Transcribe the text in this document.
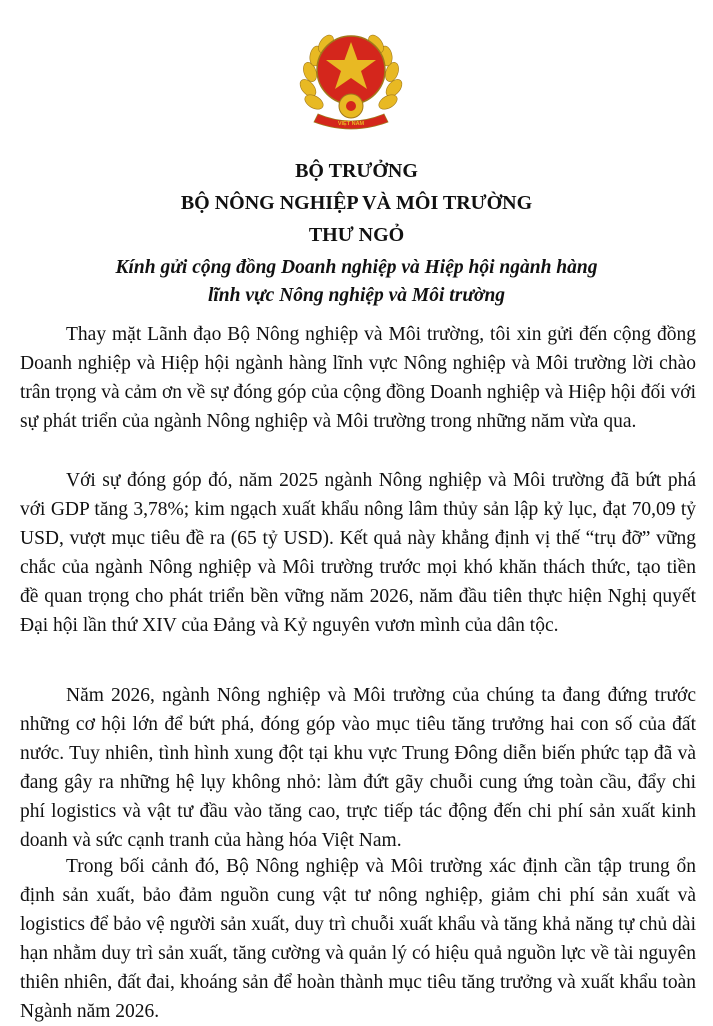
VIỆT NAM
BỘ TRƯỞNG
BỘ NÔNG NGHIỆP VÀ MÔI TRƯỜNG
THƯ NGỎ
Kính gửi cộng đồng Doanh nghiệp và Hiệp hội ngành hàng
lĩnh vực Nông nghiệp và Môi trường

Thay mặt Lãnh đạo Bộ Nông nghiệp và Môi trường, tôi xin gửi đến cộng đồng Doanh nghiệp và Hiệp hội ngành hàng lĩnh vực Nông nghiệp và Môi trường lời chào trân trọng và cảm ơn về sự đóng góp của cộng đồng Doanh nghiệp và Hiệp hội đối với sự phát triển của ngành Nông nghiệp và Môi trường trong những năm vừa qua.

Với sự đóng góp đó, năm 2025 ngành Nông nghiệp và Môi trường đã bứt phá với GDP tăng 3,78%; kim ngạch xuất khẩu nông lâm thủy sản lập kỷ lục, đạt 70,09 tỷ USD, vượt mục tiêu đề ra (65 tỷ USD). Kết quả này khẳng định vị thế “trụ đỡ” vững chắc của ngành Nông nghiệp và Môi trường trước mọi khó khăn thách thức, tạo tiền đề quan trọng cho phát triển bền vững năm 2026, năm đầu tiên thực hiện Nghị quyết Đại hội lần thứ XIV của Đảng và Kỷ nguyên vươn mình của dân tộc.

Năm 2026, ngành Nông nghiệp và Môi trường của chúng ta đang đứng trước những cơ hội lớn để bứt phá, đóng góp vào mục tiêu tăng trưởng hai con số của đất nước. Tuy nhiên, tình hình xung đột tại khu vực Trung Đông diễn biến phức tạp đã và đang gây ra những hệ lụy không nhỏ: làm đứt gãy chuỗi cung ứng toàn cầu, đẩy chi phí logistics và vật tư đầu vào tăng cao, trực tiếp tác động đến chi phí sản xuất kinh doanh và sức cạnh tranh của hàng hóa Việt Nam.

Trong bối cảnh đó, Bộ Nông nghiệp và Môi trường xác định cần tập trung ổn định sản xuất, bảo đảm nguồn cung vật tư nông nghiệp, giảm chi phí sản xuất và logistics để bảo vệ người sản xuất, duy trì chuỗi xuất khẩu và tăng khả năng tự chủ dài hạn nhằm duy trì sản xuất, tăng cường và quản lý có hiệu quả nguồn lực về tài nguyên thiên nhiên, đất đai, khoáng sản để hoàn thành mục tiêu tăng trưởng và xuất khẩu toàn Ngành năm 2026.
